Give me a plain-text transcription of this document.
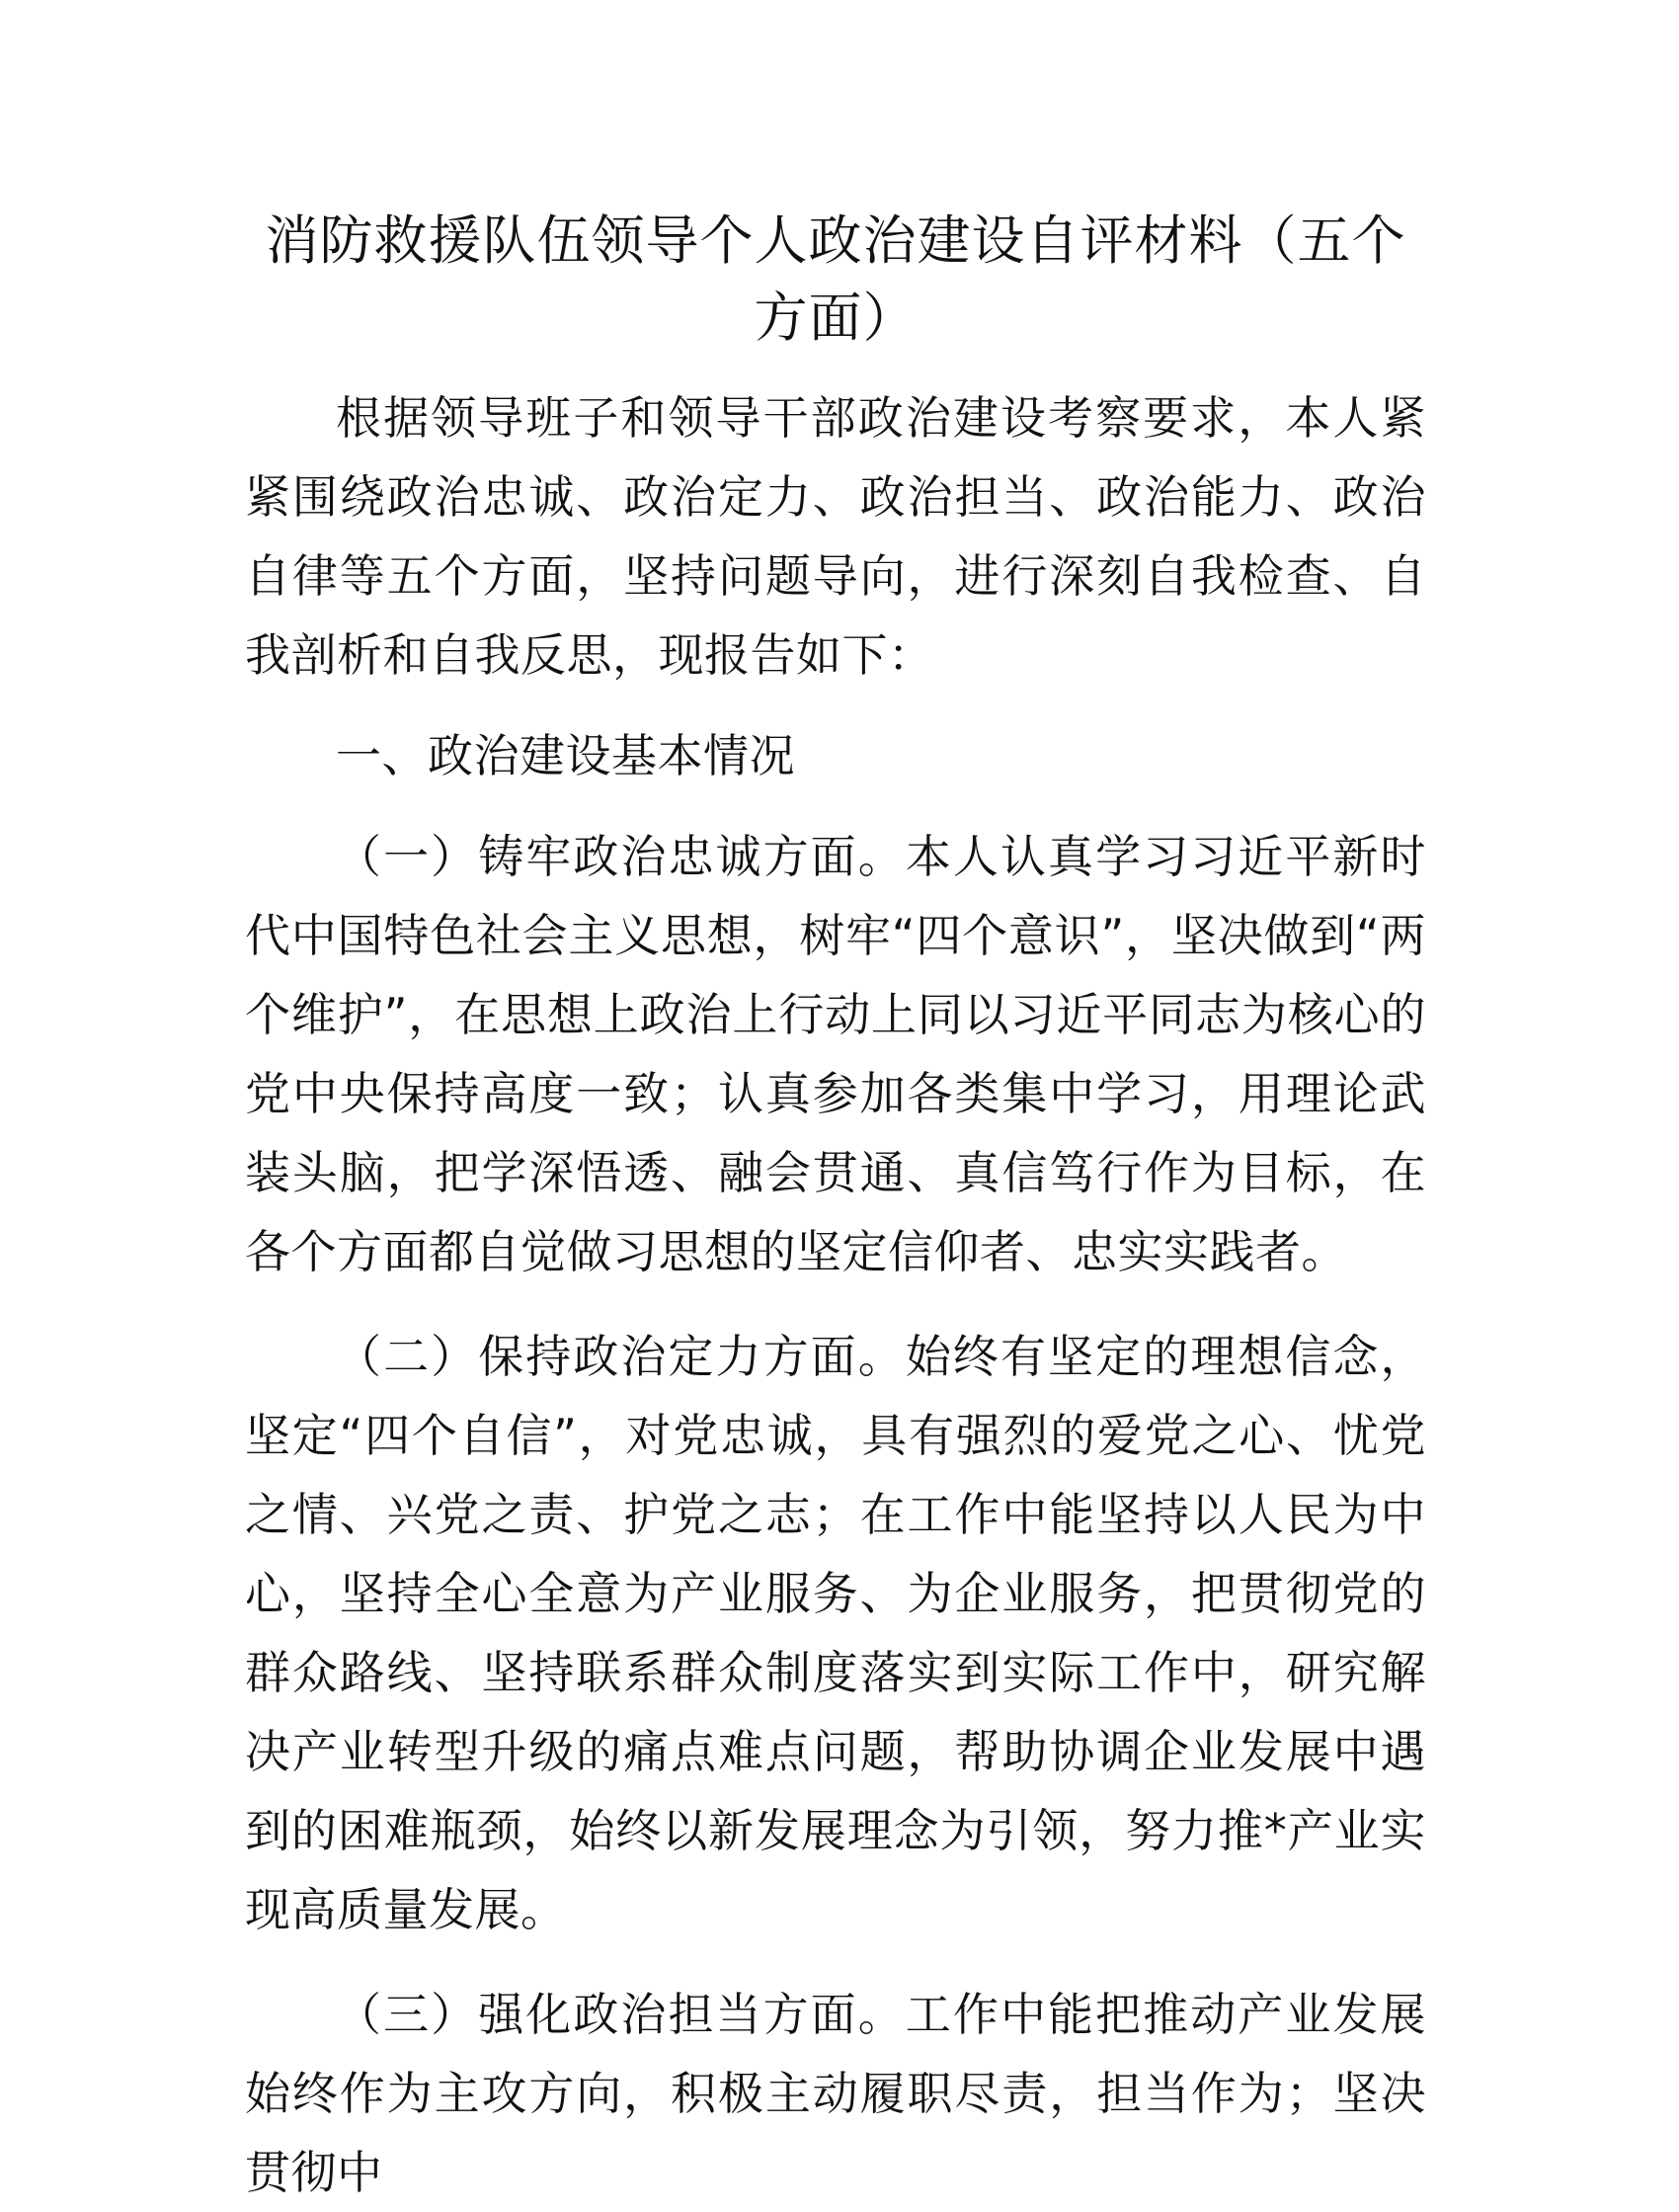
消防救援队伍领导个人政治建设自评材料（五个方面）

根据领导班子和领导干部政治建设考察要求，本人紧紧围绕政治忠诚、政治定力、政治担当、政治能力、政治自律等五个方面，坚持问题导向，进行深刻自我检查、自我剖析和自我反思，现报告如下：

一、政治建设基本情况

（一）铸牢政治忠诚方面。本人认真学习习近平新时代中国特色社会主义思想，树牢“四个意识”，坚决做到“两个维护”，在思想上政治上行动上同以习近平同志为核心的党中央保持高度一致；认真参加各类集中学习，用理论武装头脑，把学深悟透、融会贯通、真信笃行作为目标，在各个方面都自觉做习思想的坚定信仰者、忠实实践者。

（二）保持政治定力方面。始终有坚定的理想信念，坚定“四个自信”，对党忠诚，具有强烈的爱党之心、忧党之情、兴党之责、护党之志；在工作中能坚持以人民为中心，坚持全心全意为产业服务、为企业服务，把贯彻党的群众路线、坚持联系群众制度落实到实际工作中，研究解决产业转型升级的痛点难点问题，帮助协调企业发展中遇到的困难瓶颈，始终以新发展理念为引领，努力推*产业实现高质量发展。

（三）强化政治担当方面。工作中能把推动产业发展始终作为主攻方向，积极主动履职尽责，担当作为；坚决贯彻中
